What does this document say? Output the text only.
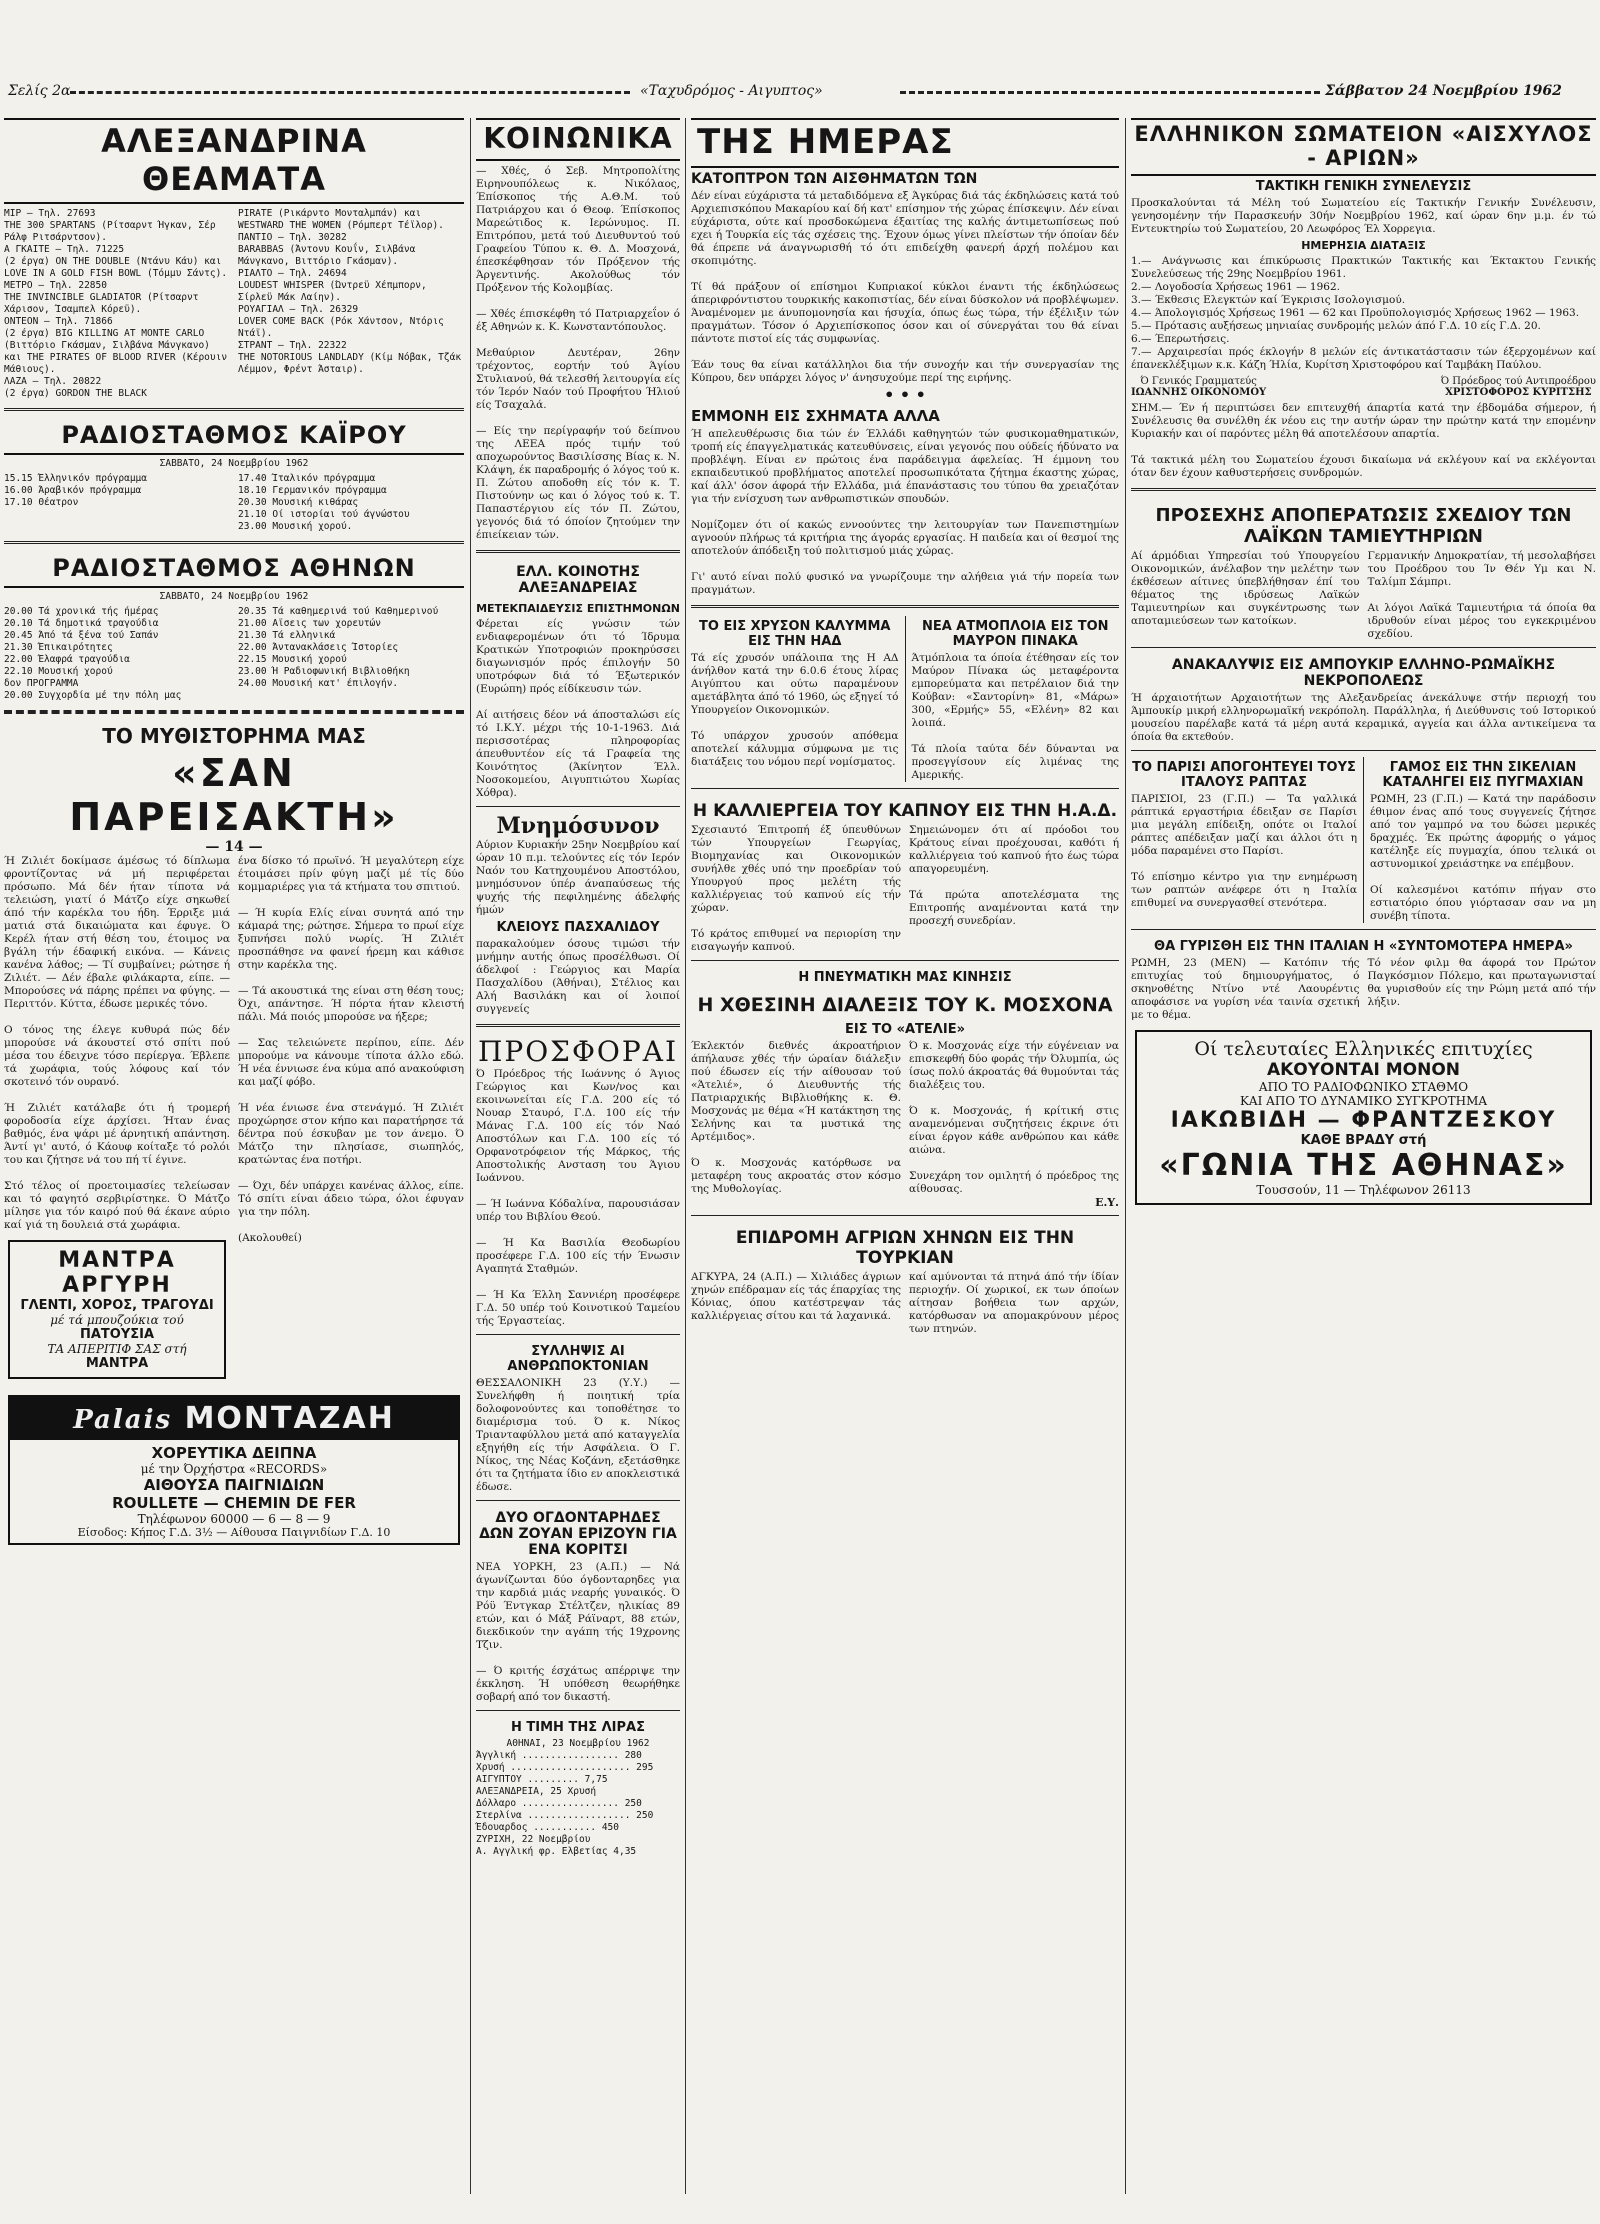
Σελίς 2α	«Ταχυδρόμος - Αιγυπτος»	Σάββατον 24 Νοεμβρίου 1962
ΑΛΕΞΑΝΔΡΙΝΑ ΘΕΑΜΑΤΑ
ΜΙΡ — Τηλ. 27693
THE 300 SPARTANS (Ρίτσαρντ Ήγκαν, Σέρ Ράλφ Ριτσάρντσον).
Α ΓΚΑΙΤΕ — Τηλ. 71225
(2 έργα) ON THE DOUBLE (Ντάνυ Κάυ) και LOVE IN A GOLD FISH BOWL (Τόμμυ Σάντς).
ΜΕΤΡΟ — Τηλ. 22850
THE INVINCIBLE GLADIATOR (Ρίτσαρντ Χάρισον, Ίσαμπελ Κόρεϋ).
ΟΝΤΕΟΝ — Τηλ. 71866
(2 έργα) BIG KILLING AT MONTE CARLO (Βιττόριο Γκάσμαν, Σιλβάνα Μάνγκανο) και THE PIRATES OF BLOOD RIVER (Κέρουιν Μάθιους).
ΛΑΖΑ — Τηλ. 20822
(2 έργα) GORDON THE BLACK
PIRATE (Ρικάρντο Μονταλμπάν) και WESTWARD THE WOMEN (Ρόμπερτ Τέϊλορ).
ΠΑΝΤΙΟ — Τηλ. 30282
BARABBAS (Άντονυ Κουΐν, Σιλβάνα Μάνγκανο, Βιττόριο Γκάσμαν).
ΡΙΑΛΤΟ — Τηλ. 24694
LOUDEST WHISPER (Ώντρεϋ Χέπμπορν, Σίρλεϋ Μάκ Λαίην).
ΡΟΥΑΓΙΑΛ — Τηλ. 26329
LOVER COME BACK (Ρόκ Χάντσον, Ντόρις Ντάϊ).
ΣΤΡΑΝΤ — Τηλ. 22322
THE NOTORIOUS LANDLADY (Κίμ Νόβακ, Τζάκ Λέμμον, Φρέντ Άσταιρ).
ΡΑΔΙΟΣΤΑΘΜΟΣ ΚΑΪΡΟΥ
ΣΑΒΒΑΤΟ, 24 Νοεμβρίου 1962
15.15 Έλληνικόν πρόγραμμα
16.00 Άραβικόν πρόγραμμα
17.10 Θέατρον
17.40 Ίταλικόν πρόγραμμα
18.10 Γερμανικόν πρόγραμμα
20.30 Μουσική κιθάρας
21.10 Οί ιστορίαι τού άγνώστου
23.00 Μουσική χορού.
ΡΑΔΙΟΣΤΑΘΜΟΣ ΑΘΗΝΩΝ
ΣΑΒΒΑΤΟ, 24 Νοεμβρίου 1962
20.00 Τά χρονικά τής ήμέρας
20.10 Τά δημοτικά τραγούδια
20.45 Άπό τά ξένα τού Σαπάν
21.30 Έπικαιρότητες
22.00 Έλαφρά τραγούδια
22.10 Μουσική χορού
δον ΠΡΟΓΡΑΜΜΑ
20.00 Συγχορδία μέ την πόλη μας
20.35 Τά καθημερινά τού Καθημερινού
21.00 Αϊσεις των χορευτών
21.30 Τά ελληνικά
22.00 Άντανακλάσεις Ίστορίες
22.15 Μουσική χορού
23.00 Ή Ραδιοφωνική Βιβλιοθήκη
24.00 Μουσική κατ' έπιλογήν.
ΤΟ ΜΥΘΙΣΤΟΡΗΜΑ ΜΑΣ
«ΣΑΝ ΠΑΡΕΙΣΑΚΤΗ»
— 14 —

Ή Ζιλιέτ δοκίμασε άμέσως τό δίπλωμα φροντίζοντας νά μή περιφέρεται πρόσωπο. Μά δέν ήταν τίποτα νά τελειώση, γιατί ό Μάτζο είχε σηκωθεί άπό τήν καρέκλα του ήδη. Έρριξε μιά ματιά στά δικαιώματα και έφυγε. Ό Κερέλ ήταν στή θέση του, έτοιμος να βγάλη τήν έδαφική εικόνα. — Κάνεις κανένα λάθος; — Τί συμβαίνει; ρώτησε ή Ζιλιέτ. — Δέν έβαλε φιλάκαρτα, είπε. — Μπορούσες νά πάρης πρέπει να φύγης. — Περιττόν. Κύττα, έδωσε μερικές τόνο.

Ο τόνος της έλεγε κυθυρά πώς δέν μπορούσε νά άκουστεί στό σπίτι πού μέσα του έδειχνε τόσο περίεργα. Έβλεπε τά χωράφια, τούς λόφους καί τόν σκοτεινό τόν ουρανό.

Ή Ζιλιέτ κατάλαβε ότι ή τρομερή φοροδοσία είχε άρχίσει. Ήταν ένας βαθμός, ένα ψάρι μέ άρνητική απάντηση. Άντί γι' αυτό, ό Κάουφ κοίταξε τό ρολόι του και ζήτησε νά του πή τί έγινε.

Στό τέλος οί προετοιμασίες τελείωσαν και τό φαγητό σερβιρίστηκε. Ό Μάτζο μίλησε για τόν καιρό πού θά έκανε αύριο καί γιά τη δουλειά στά χωράφια.

ΜΑΝΤΡΑ ΑΡΓΥΡΗ
ΓΛΕΝΤΙ, ΧΟΡΟΣ, ΤΡΑΓΟΥΔΙ
μέ τά μπουζούκια τού
ΠΑΤΟΥΣΙΑ
ΤΑ ΑΠΕΡΙΤΙΦ ΣΑΣ στή
ΜΑΝΤΡΑ

ένα δίσκο τό πρωϊνό. Ή μεγαλύτερη είχε έτοιμάσει πρίν φύγη μαζί μέ τίς δύο κομμαριέρες για τά κτήματα του σπιτιού.

— Ή κυρία Ελίς είναι συνητά από την κάμαρά της; ρώτησε. Σήμερα το πρωί είχε ξυπνήσει πολύ νωρίς. Ή Ζιλιέτ προσπάθησε να φανεί ήρεμη και κάθισε στην καρέκλα της.

— Τά ακουστικά της είναι στη θέση τους; Όχι, απάντησε. Ή πόρτα ήταν κλειστή πάλι. Μά ποιός μπορούσε να ήξερε;

— Σας τελειώνετε περίπου, είπε. Δέν μπορούμε να κάνουμε τίποτα άλλο εδώ. Ή νέα έννιωσε ένα κύμα από ανακούφιση και μαζί φόβο.

Ή νέα ένιωσε ένα στενάγμό. Ή Ζιλιέτ προχώρησε στον κήπο και παρατήρησε τά δέντρα πού έσκυβαν με τον άνεμο. Ό Μάτζο την πλησίασε, σιωπηλός, κρατώντας ένα ποτήρι.

— Όχι, δέν υπάρχει κανένας άλλος, είπε. Τό σπίτι είναι άδειο τώρα, όλοι έφυγαν για την πόλη.

(Ακολουθεί)

Palais ΜΟΝΤΑΖΑΗ
ΧΟΡΕΥΤΙΚΑ ΔΕΙΠΝΑ
μέ την Όρχήστρα «RECORDS»
ΑΙΘΟΥΣΑ ΠΑΙΓΝΙΔΙΩΝ
ROULLETE — CHEMIN DE FER
Τηλέφωνον 60000 — 6 — 8 — 9
Είσοδος: Κήπος Γ.Δ. 3½ — Αίθουσα Παιγνιδίων Γ.Δ. 10
ΚΟΙΝΩΝΙΚΑ

— Χθές, ό Σεβ. Μητροπολίτης Ειρηνουπόλεως κ. Νικόλαος, Έπίσκοπος τής Α.Θ.Μ. τού Πατριάρχου και ό Θεοφ. Έπίσκοπος Μαρεώτιδος κ. Ιερώνυμος. Π. Επιτρόπου, μετά τού Διευθυντού τού Γραφείου Τύπου κ. Θ. Δ. Μοσχονά, έπεσκέφθησαν τόν Πρόξενον τής Άργεντινής. Ακολούθως τόν Πρόξενον τής Κολομβίας.

— Χθές έπισκέφθη τό Πατριαρχεΐον ό έξ Αθηνών κ. Κ. Κωνσταντόπουλος.

Μεθαύριον Δευτέραν, 26ην τρέχοντος, εορτήν τού Άγίου Στυλιανού, θά τελεσθή λειτουργία είς τόν Ίερόν Ναόν τού Προφήτου Ήλιού είς Τσαχαλά.

— Είς την περίγραφήν τού δείπνου της ΛΕΕΑ πρός τιμήν τού αποχωρούντος Βασιλίσσης Βίας κ. Ν. Κλάψη, έκ παραδρομής ό λόγος τού κ. Π. Ζώτου αποδοθη είς τόν κ. Τ. Πιστούνην ως και ό λόγος τού κ. Τ. Παπαστέργιου είς τόν Π. Ζώτου, γεγονός διά τό όποίον ζητούμεν την έπιείκειαν τών.

ΕΛΛ. ΚΟΙΝΟΤΗΣ ΑΛΕΞΑΝΔΡΕΙΑΣ
ΜΕΤΕΚΠΑΙΔΕΥΣΙΣ ΕΠΙΣΤΗΜΟΝΩΝ

Φέρεται είς γνώσιν τών ενδιαφερομένων ότι τό Ίδρυμα Κρατικών Υποτροφιών προκηρύσσει διαγωνισμόν πρός έπιλογήν 50 υποτρόφων διά τό Έξωτερικόν (Ευρώπη) πρός είδίκευσιν τών.

Αί αιτήσεις δέον νά άποσταλώσι είς τό Ι.Κ.Υ. μέχρι τής 10-1-1963. Διά περισσοτέρας πληροφορίας άπευθυντέον είς τά Γραφεία της Κοινότητος (Άκίνητον Έλλ. Νοσοκομείου, Αιγυπτιώτου Χωρίας Χόθρα).

Μνημόσυνον

Αύριον Κυριακήν 25ην Νοεμβρίου καί ώραν 10 π.μ. τελούντες είς τόν Ιερόν Ναόν του Κατηχουμένου Αποστόλου, μνημόσυνον ύπέρ άναπαύσεως τής ψυχής τής πεφιλημένης άδελφής ήμών

ΚΛΕΙΟΥΣ ΠΑΣΧΑΛΙΔΟΥ

παρακαλούμεν όσους τιμώσι τήν μνήμην αυτής όπως προσέλθωσι. Οί άδελφοί : Γεώργιος και Μαρία Πασχαλίδου (Άθήναι), Στέλιος και Αλή Βασιλάκη και οί λοιποί συγγενείς

ΠΡΟΣΦΟΡΑΙ

Ό Πρόεδρος τής Ιωάννης ό Άγιος Γεώργιος και Κων/νος και εκοινωνείται είς Γ.Δ. 200 είς τό Νουαρ Σταυρό, Γ.Δ. 100 είς τήν Μάνας Γ.Δ. 100 είς τόν Ναό Αποστόλων και Γ.Δ. 100 είς τό Ορφανοτρόφειον τής Μάρκος, τής Αποστολικής Ανσταση του Άγιου Ιωάννου.

— Ή Ιωάννα Κόδαλίνα, παρουσιάσαν υπέρ του Βιβλίου Θεού.

— Ή Κα Βασιλία Θεοδωρίου προσέφερε Γ.Δ. 100 είς τήν Ένωσιν Αγαπητά Σταθμών.

— Ή Κα Έλλη Σαννιέρη προσέφερε Γ.Δ. 50 υπέρ τού Κοινοτικού Ταμείου τής Έργαστείας.

ΣΥΛΛΗΨΙΣ ΑΙ ΑΝΘΡΩΠΟΚΤΟΝΙΑΝ

ΘΕΣΣΑΛΟΝΙΚΗ 23 (Υ.Υ.) — Συνελήφθη ή ποιητική τρία δολοφονούντες και τοποθέτησε το διαμέρισμα τού. Ό κ. Νίκος Τριανταφύλλου μετά από καταγγελία εξηγήθη είς τήν Ασφάλεια. Ό Γ. Νίκος, της Νέας Κοζάνη, εξετάσθηκε ότι τα ζητήματα ίδιο εν αποκλειστικά έδωσε.

ΔΥΟ ΟΓΔΟΝΤΑΡΗΔΕΣ ΔΩΝ ΖΟΥΑΝ ΕΡΙΖΟΥΝ ΓΙΑ ΕΝΑ ΚΟΡΙΤΣΙ

ΝΕΑ ΥΟΡΚΗ, 23 (Α.Π.) — Νά άγωνίζωνται δύο όγδονταρηδες για την καρδιά μιάς νεαρής γυναικός. Ό Ρόϋ Έντγκαρ Στέλτζεν, ηλικίας 89 ετών, και ό Μάξ Ράϊναρτ, 88 ετών, διεκδικούν την αγάπη τής 19χρονης Τζιν.

— Ό κριτής έσχάτως απέρριψε την έκκληση. Ή υπόθεση θεωρήθηκε σοβαρή από τον δικαστή.

Η ΤΙΜΗ ΤΗΣ ΛΙΡΑΣ
ΑΘΗΝΑΙ, 23 Νοεμβρίου 1962
Άγγλική ................. 280
Χρυσή ..................... 295
ΑΙΓΥΠΤΟΥ ......... 7,75
ΑΛΕΞΑΝΔΡΕΙΑ, 25 Χρυσή
Δόλλαρο ................. 250
Στερλίνα .................. 250
Έδουαρδος ........... 450
ΖΥΡΙΧΗ, 22 Νοεμβρίου
Α. Αγγλική φρ. Ελβετίας 4,35
ΤΗΣ ΗΜΕΡΑΣ
ΚΑΤΟΠΤΡΟΝ ΤΩΝ ΑΙΣΘΗΜΑΤΩΝ ΤΩΝ

Δέν είναι εύχάριστα τά μεταδιδόμενα εξ Άγκύρας διά τάς έκδηλώσεις κατά τού Αρχιεπισκόπου Μακαρίου καί δή κατ' επίσημον τής χώρας έπίσκεψιν. Δέν είναι εύχάριστα, ούτε καί προσδοκώμενα έξαιτίας της καλής άντιμετωπίσεως πού εχει ή Τουρκία είς τάς σχέσεις της. Έχουν όμως γίνει πλείστων τήν όποίαν δέν θά έπρεπε νά άναγνωρισθή τό ότι επιδείχθη φανερή άρχή πολέμου και σκοπιμότης.

Τί θά πράξουν οί επίσημοι Κυπριακοί κύκλοι έναντι τής έκδηλώσεως άπεριφρόντιστου τουρκικής κακοπιστίας, δέν είναι δύσκολον νά προβλέψωμεν. Άναμένομεν με άνυπομονησία και ήσυχία, όπως έως τώρα, τήν έξέλιξιν τών πραγμάτων. Τόσον ό Αρχιεπίσκοπος όσον και οί σύνεργάται του θά είναι πάντοτε πιστοί είς τάς συμφωνίας.

Έάν τους θα είναι κατάλληλοι δια τήν συνοχήν και τήν συνεργασίαν της Κύπρου, δεν υπάρχει λόγος ν' άνησυχούμε περί της ειρήνης.

• • •
ΕΜΜΟΝΗ ΕΙΣ ΣΧΗΜΑΤΑ ΑΛΛΑ

Ή απελευθέρωσις δια τών έν Έλλάδι καθηγητών τών φυσικομαθηματικών, τροπή είς έπαγγελματικάς κατευθύνσεις, είναι γεγονός που ούδείς ήδύνατο να προβλέψη. Είναι εν πρώτοις ένα παράδειγμα άφελείας. Ή έμμονη του εκπαιδευτικού προβλήματος αποτελεί προσωπικότατα ζήτημα έκαστης χώρας, καί άλλ' όσον άφορά τήν Ελλάδα, μιά έπανάστασις του τύπου θα χρειαζόταν για τήν ενίσχυση των ανθρωπιστικών σπουδών.

Νομίζομεν ότι οί κακώς εννοούντες την λειτουργίαν των Πανεπιστημίων αγνοούν πλήρως τά κριτήρια της άγοράς εργασίας. Η παιδεία και οί θεσμοί της αποτελούν άπόδειξη τού πολιτισμού μιάς χώρας.

Γι' αυτό είναι πολύ φυσικό να γνωρίζουμε την αλήθεια γιά τήν πορεία των πραγμάτων.

ΤΟ ΕΙΣ ΧΡΥΣΟΝ ΚΑΛΥΜΜΑ ΕΙΣ ΤΗΝ ΗΑΔ

Τά είς χρυσόν υπάλοιπα της Η ΑΔ άνήλθον κατά την 6.0.6 έτους λίρας Αιγύπτου και ούτω παραμένουν αμετάβλητα άπό τό 1960, ώς εξηγεί τό Υπουργείον Οικονομικών.

Τό υπάρχον χρυσούν απόθεμα αποτελεί κάλυμμα σύμφωνα με τις διατάξεις του νόμου περί νομίσματος.

ΝΕΑ ΑΤΜΟΠΛΟΙΑ ΕΙΣ ΤΟΝ ΜΑΥΡΟΝ ΠΙΝΑΚΑ

Άτμόπλοια τα όποία έτέθησαν είς τον Μαύρον Πίνακα ώς μεταφέροντα εμπορεύματα και πετρέλαιον διά την Κούβαν: «Σαντορίνη» 81, «Μάρω» 300, «Ερμής» 55, «Ελένη» 82 και λοιπά.

Τά πλοία ταύτα δέν δύνανται να προσεγγίσουν είς λιμένας της Αμερικής.

Η ΚΑΛΛΙΕΡΓΕΙΑ ΤΟΥ ΚΑΠΝΟΥ ΕΙΣ ΤΗΝ Η.Α.Δ.

Σχεσιαυτό Έπιτροπή έξ ύπευθύνων τών Υπουργείων Γεωργίας, Βιομηχανίας και Οικονομικών συνήλθε χθές υπό την προεδρίαν τού Υπουργού προς μελέτη τής καλλιέργειας τού καπνού είς τήν χώραν.

Τό κράτος επιθυμεί να περιορίση την εισαγωγήν καπνού.

Σημειώνομεν ότι αί πρόοδοι του Κράτους είναι προέχουσαι, καθότι ή καλλιέργεια τού καπνού ήτο έως τώρα απαγορευμένη.

Τά πρώτα αποτελέσματα της Επιτροπής αναμένονται κατά την προσεχή συνεδρίαν.

Η ΠΝΕΥΜΑΤΙΚΗ ΜΑΣ ΚΙΝΗΣΙΣ
Η ΧΘΕΣΙΝΗ ΔΙΑΛΕΞΙΣ ΤΟΥ Κ. ΜΟΣΧΟΝΑ
ΕΙΣ ΤΟ «ΑΤΕΛΙΕ»

Έκλεκτόν διεθνές άκροατήριον άπήλαυσε χθές τήν ώραίαν διάλεξιν πού έδωσεν είς τήν αίθουσαν τού «Άτελιέ», ό Διευθυντής τής Πατριαρχικής Βιβλιοθήκης κ. Θ. Μοσχονάς με θέμα «Ή κατάκτηση της Σελήνης και τα μυστικά της Αρτέμιδος».

Ό κ. Μοσχονάς κατόρθωσε να μεταφέρη τους ακροατάς στον κόσμο της Μυθολογίας.

Ό κ. Μοσχονάς είχε τήν εύγένειαν να επισκεφθή δύο φοράς τήν Όλυμπία, ώς ίσως πολύ άκροατάς θά θυμούνται τάς διαλέξεις του.

Ό κ. Μοσχονάς, ή κρίτική στις αναμενόμεναι συζητήσεις έκρινε ότι είναι έργον κάθε ανθρώπου και κάθε αιώνα.

Συνεχάρη τον ομιλητή ό πρόεδρος της αίθουσας.

Ε.Υ.
ΕΠΙΔΡΟΜΗ ΑΓΡΙΩΝ ΧΗΝΩΝ ΕΙΣ ΤΗΝ ΤΟΥΡΚΙΑΝ

ΑΓΚΥΡΑ, 24 (Α.Π.) — Χιλιάδες άγριων χηνών επέδραμαν είς τάς έπαρχίας της Κόνιας, όπου κατέστρεψαν τάς καλλιέργειας σίτου και τά λαχανικά.

καί αμύνονται τά πτηνά άπό τήν ίδίαν περιοχήν. Οί χωρικοί, εκ των όποίων αίτησαν βοήθεια των αρχών, κατόρθωσαν να απομακρύνουν μέρος των πτηνών.

ΕΛΛΗΝΙΚΟΝ ΣΩΜΑΤΕΙΟΝ «ΑΙΣΧΥΛΟΣ - ΑΡΙΩΝ»
ΤΑΚΤΙΚΗ ΓΕΝΙΚΗ ΣΥΝΕΛΕΥΣΙΣ

Προσκαλούνται τά Μέλη τού Σωματείου είς Τακτικήν Γενικήν Συνέλευσιν, γενησομένην τήν Παρασκευήν 30ήν Νοεμβρίου 1962, καί ώραν 6ην μ.μ. έν τώ Εντευκτηρίω τού Σωματείου, 20 Λεωφόρος Έλ Χορρεγια.

ΗΜΕΡΗΣΙΑ ΔΙΑΤΑΞΙΣ

1.— Ανάγνωσις και έπικύρωσις Πρακτικών Τακτικής και Έκτακτου Γενικής Συνελεύσεως τής 29ης Νοεμβρίου 1961.
2.— Λογοδοσία Χρήσεως 1961 — 1962.
3.— Έκθεσις Ελεγκτών καί Έγκρισις Ισολογισμού.
4.— Άπολογισμός Χρήσεως 1961 — 62 και Προϋπολογισμός Χρήσεως 1962 — 1963.
5.— Πρότασις αυξήσεως μηνιαίας συνδρομής μελών άπό Γ.Δ. 10 είς Γ.Δ. 20.
6.— Έπερωτήσεις.
7.— Αρχαιρεσίαι πρός έκλογήν 8 μελών είς άντικατάστασιν τών έξερχομένων καί έπανεκλέξιμων κ.κ. Κάζη Ήλία, Κυρίτση Χριστοφόρου καί Ταμβάκη Παύλου.

Ό Γενικός Γραμματεύς
ΙΩΑΝΝΗΣ ΟΙΚΟΝΟΜΟΥ
Ό Πρόεδρος τού Αντιπροέδρου
ΧΡΙΣΤΟΦΟΡΟΣ ΚΥΡΙΤΣΗΣ

ΣΗΜ.— Έν ή περιπτώσει δεν επιτευχθή άπαρτία κατά την έβδομάδα σήμερον, ή Συνέλευσις θα συνέλθη έκ νέου εις την αυτήν ώραν την πρώτην κατά την επομένην Κυριακήν και οί παρόντες μέλη θά αποτελέσουν απαρτία.

Τά τακτικά μέλη του Σωματείου έχουσι δικαίωμα νά εκλέγουν καί να εκλέγονται όταν δεν έχουν καθυστερήσεις συνδρομών.

ΠΡΟΣΕΧΗΣ ΑΠΟΠΕΡΑΤΩΣΙΣ ΣΧΕΔΙΟΥ ΤΩΝ ΛΑΪΚΩΝ ΤΑΜΙΕΥΤΗΡΙΩΝ

Αί άρμόδιαι Υπηρεσίαι τού Υπουργείου Οικονομικών, άνέλαβον την μελέτην των έκθέσεων αίτινες ύπεβλήθησαν έπί του θέματος της ιδρύσεως Λαϊκών Ταμιευτηρίων και συγκέντρωσης των αποταμιεύσεων των κατοίκων.

Γερμανικήν Δημοκρατίαν, τή μεσολαβήσει του Προέδρου του Ίν Θέν Υμ και Ν. Ταλίμπ Σάμπρι.

Αι λόγοι Λαϊκά Ταμιευτήρια τά όποία θα ιδρυθούν είναι μέρος του εγκεκριμένου σχεδίου.

ΑΝΑΚΑΛΥΨΙΣ ΕΙΣ ΑΜΠΟΥΚΙΡ ΕΛΛΗΝΟ-ΡΩΜΑΪΚΗΣ ΝΕΚΡΟΠΟΛΕΩΣ

Ή άρχαιοτήτων Αρχαιοτήτων της Αλεξανδρείας άνεκάλυψε στήν περιοχή του Άμπουκίρ μικρή ελληνορωμαϊκή νεκρόπολη. Παράλληλα, ή Διεύθυνσις τού Ιστορικού μουσείου παρέλαβε κατά τά μέρη αυτά κεραμικά, αγγεία και άλλα αντικείμενα τα όποία θα εκτεθούν.

ΤΟ ΠΑΡΙΣΙ ΑΠΟΓΟΗΤΕΥΕΙ ΤΟΥΣ ΙΤΑΛΟΥΣ ΡΑΠΤΑΣ

ΠΑΡΙΣΙΟΙ, 23 (Γ.Π.) — Τα γαλλικά ράπτικά εργαστήρια έδειξαν σε Παρίσι μια μεγάλη επίδειξη, οπότε οι Ιταλοί ράπτες απέδειξαν μαζί και άλλοι ότι η μόδα παραμένει στο Παρίσι.

Τό επίσημο κέντρο για την ενημέρωση των ραπτών ανέφερε ότι η Ιταλία επιθυμεί να συνεργασθεί στενότερα.

ΓΑΜΟΣ ΕΙΣ ΤΗΝ ΣΙΚΕΛΙΑΝ ΚΑΤΑΛΗΓΕΙ ΕΙΣ ΠΥΓΜΑΧΙΑΝ

ΡΩΜΗ, 23 (Γ.Π.) — Κατά την παράδοσιν έθιμον ένας από τους συγγενείς ζήτησε από τον γαμπρό να του δώσει μερικές δραχμές. Έκ πρώτης άφορμής ο γάμος κατέληξε είς πυγμαχία, όπου τελικά οι αστυνομικοί χρειάστηκε να επέμβουν.

Οί καλεσμένοι κατόπιν πήγαν στο εστιατόριο όπου γιόρτασαν σαν να μη συνέβη τίποτα.

ΘΑ ΓΥΡΙΣΘΗ ΕΙΣ ΤΗΝ ΙΤΑΛΙΑΝ Η «ΣΥΝΤΟΜΟΤΕΡΑ ΗΜΕΡΑ»

ΡΩΜΗ, 23 (ΜΕΝ) — Κατόπιν τής επιτυχίας τού δημιουργήματος, ό σκηνοθέτης Ντίνο ντέ Λαουρέντις αποφάσισε να γυρίση νέα ταινία σχετική με το θέμα.

Τό νέον φιλμ θα άφορά τον Πρώτον Παγκόσμιον Πόλεμο, και πρωταγωνισταί θα γυρισθούν είς την Ρώμη μετά από τήν λήξιν.

Οί τελευταίες Ελληνικές επιτυχίες
ΑΚΟΥΟΝΤΑΙ ΜΟΝΟΝ
ΑΠΟ ΤΟ ΡΑΔΙΟΦΩΝΙΚΟ ΣΤΑΘΜΟ
ΚΑΙ ΑΠΟ ΤΟ ΔΥΝΑΜΙΚΟ ΣΥΓΚΡΟΤΗΜΑ
ΙΑΚΩΒΙΔΗ — ΦΡΑΝΤΖΕΣΚΟΥ
ΚΑΘΕ ΒΡΑΔΥ στή
«ΓΩΝΙΑ ΤΗΣ ΑΘΗΝΑΣ»
Τουσσούν, 11 — Τηλέφωνον 26113
